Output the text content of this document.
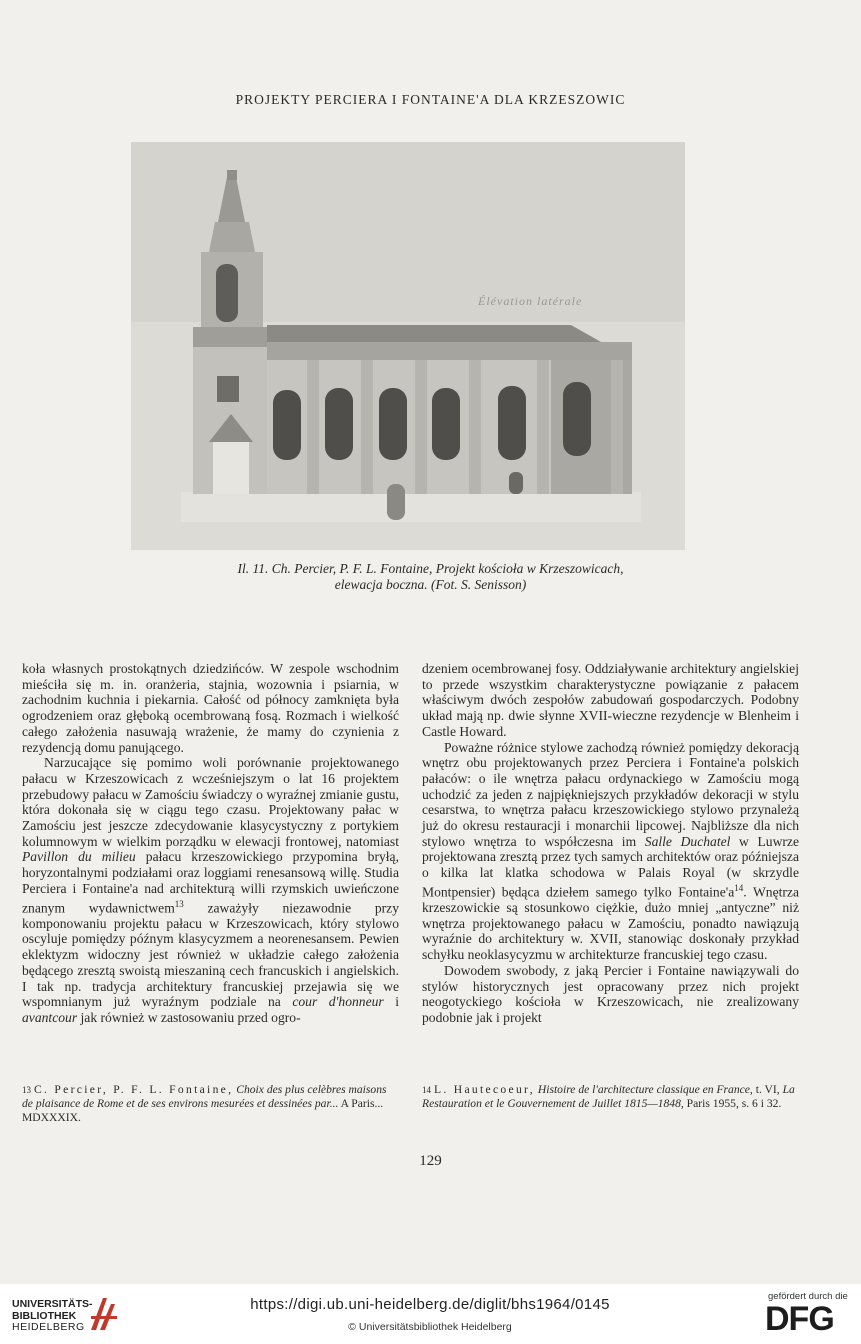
PROJEKTY PERCIERA I FONTAINE'A DLA KRZESZOWIC
Élévation latérale
Il. 11. Ch. Percier, P. F. L. Fontaine, Projekt kościoła w Krzeszowicach,
elewacja boczna. (Fot. S. Senisson)

koła własnych prostokątnych dziedzińców. W zespole wschodnim mieściła się m. in. oranżeria, stajnia, wozownia i psiarnia, w zachodnim kuchnia i piekarnia. Całość od północy zamknięta była ogrodzeniem oraz głęboką ocembrowaną fosą. Rozmach i wielkość całego założenia nasuwają wrażenie, że mamy do czynienia z rezydencją domu panującego.

Narzucające się pomimo woli porównanie projektowanego pałacu w Krzeszowicach z wcześniejszym o lat 16 projektem przebudowy pałacu w Zamościu świadczy o wyraźnej zmianie gustu, która dokonała się w ciągu tego czasu. Projektowany pałac w Zamościu jest jeszcze zdecydowanie klasycystyczny z portykiem kolumnowym w wielkim porządku w elewacji frontowej, natomiast Pavillon du milieu pałacu krzeszowickiego przypomina bryłą, horyzontalnymi podziałami oraz loggiami renesansową willę. Studia Perciera i Fontaine'a nad architekturą willi rzymskich uwieńczone znanym wydawnictwem$^{13}$ zaważyły niezawodnie przy komponowaniu projektu pałacu w Krzeszowicach, który stylowo oscyluje pomiędzy późnym klasycyzmem a neorenesansem. Pewien eklektyzm widoczny jest również w układzie całego założenia będącego zresztą swoistą mieszaniną cech francuskich i angielskich. I tak np. tradycja architektury francuskiej przejawia się we wspomnianym już wyraźnym podziale na cour d'honneur i avantcour jak również w zastosowaniu przed ogro-

dzeniem ocembrowanej fosy. Oddziaływanie architektury angielskiej to przede wszystkim charakterystyczne powiązanie z pałacem właściwym dwóch zespołów zabudowań gospodarczych. Podobny układ mają np. dwie słynne XVII-wieczne rezydencje w Blenheim i Castle Howard.

Poważne różnice stylowe zachodzą również pomiędzy dekoracją wnętrz obu projektowanych przez Perciera i Fontaine'a polskich pałaców: o ile wnętrza pałacu ordynackiego w Zamościu mogą uchodzić za jeden z najpiękniejszych przykładów dekoracji w stylu cesarstwa, to wnętrza pałacu krzeszowickiego stylowo przynależą już do okresu restauracji i monarchii lipcowej. Najbliższe dla nich stylowo wnętrza to współczesna im Salle Duchatel w Luwrze projektowana zresztą przez tych samych architektów oraz późniejsza o kilka lat klatka schodowa w Palais Royal (w skrzydle Montpensier) będąca dziełem samego tylko $Fontaine'a^{14}$. Wnętrza krzeszowickie są stosunkowo ciężkie, dużo mniej „antyczne” niż wnętrza projektowanego pałacu w Zamościu, ponadto nawiązują wyraźnie do architektury w. XVII, stanowiąc doskonały przykład schyłku neoklasycyzmu w architekturze francuskiej tego czasu.

Dowodem swobody, z jaką Percier i Fontaine nawiązywali do stylów historycznych jest opracowany przez nich projekt neogotyckiego kościoła w Krzeszowicach, nie zrealizowany podobnie jak i projekt

$^{13}$ C. Percier, P. F. L. Fontaine, Choix des plus celèbres maisons de plaisance de Rome et de ses environs mesurées et dessinées par... A Paris... MDXXXIX.
$^{14}$ L. Hautecoeur, Histoire de l'architecture classique en France, t. VI, La Restauration et le Gouvernement de Juillet 1815—1848, Paris 1955, s. 6 i 32.
129
UNIVERSITÄTS-
BIBLIOTHEK
HEIDELBERG
https://digi.ub.uni-heidelberg.de/diglit/bhs1964/0145
© Universitätsbibliothek Heidelberg
gefördert durch die
DFG
